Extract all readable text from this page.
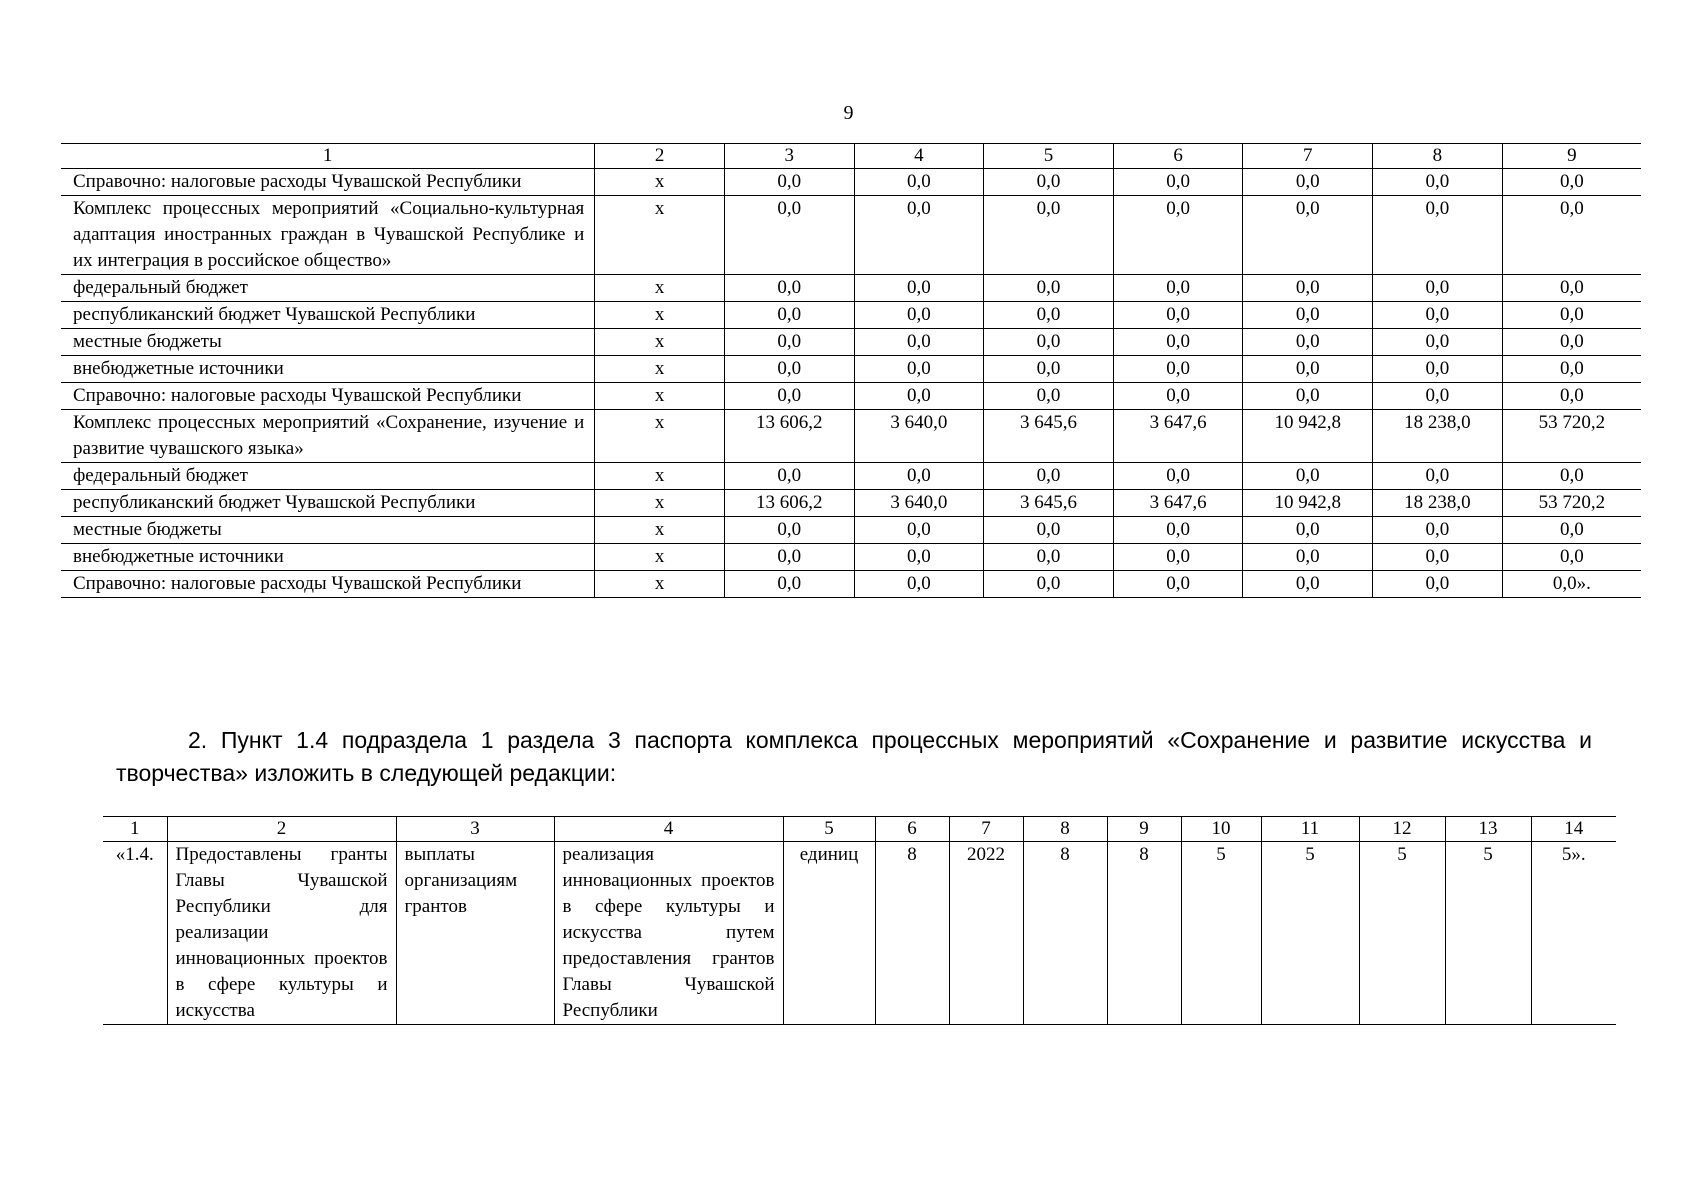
9
1	2	3	4	5	6	7	8	9
Справочно: налоговые расходы Чувашской Республики	x	0,0	0,0	0,0	0,0	0,0	0,0	0,0
Комплекс процессных мероприятий «Социально-культурная адаптация иностранных граждан в Чувашской Республике и их интеграция в российское общество»	x	0,0	0,0	0,0	0,0	0,0	0,0	0,0
федеральный бюджет	x	0,0	0,0	0,0	0,0	0,0	0,0	0,0
республиканский бюджет Чувашской Республики	x	0,0	0,0	0,0	0,0	0,0	0,0	0,0
местные бюджеты	x	0,0	0,0	0,0	0,0	0,0	0,0	0,0
внебюджетные источники	x	0,0	0,0	0,0	0,0	0,0	0,0	0,0
Справочно: налоговые расходы Чувашской Республики	x	0,0	0,0	0,0	0,0	0,0	0,0	0,0
Комплекс процессных мероприятий «Сохранение, изучение и развитие чувашского языка»	x	13 606,2	3 640,0	3 645,6	3 647,6	10 942,8	18 238,0	53 720,2
федеральный бюджет	x	0,0	0,0	0,0	0,0	0,0	0,0	0,0
республиканский бюджет Чувашской Республики	x	13 606,2	3 640,0	3 645,6	3 647,6	10 942,8	18 238,0	53 720,2
местные бюджеты	x	0,0	0,0	0,0	0,0	0,0	0,0	0,0
внебюджетные источники	x	0,0	0,0	0,0	0,0	0,0	0,0	0,0
Справочно: налоговые расходы Чувашской Республики	x	0,0	0,0	0,0	0,0	0,0	0,0	0,0».
2. Пункт 1.4 подраздела 1 раздела 3 паспорта комплекса процессных мероприятий «Сохранение и развитие искусства и творчества» изложить в следующей редакции:
1	2	3	4	5	6	7	8	9	10	11	12	13	14
«1.4.	Предоставлены гранты Главы Чувашской Республики для реализации инновационных проектов в сфере культуры и искусства	выплаты организациям грантов	реализация инновационных проектов в сфере культуры и искусства путем предоставления грантов Главы Чувашской Республики	единиц	8	2022	8	8	5	5	5	5	5».
